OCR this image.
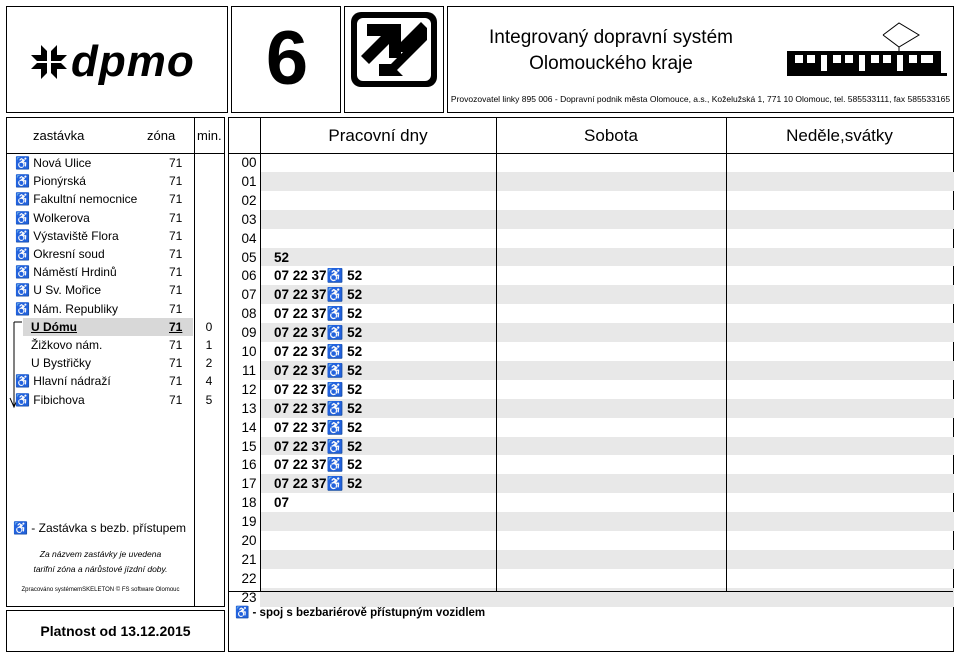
dpmo 6	Integrovaný dopravní systém
Olomouckého kraje
Provozovatel linky 895 006 - Dopravní podnik města Olomouce, a.s., Koželužská 1, 771 10 Olomouc, tel. 585533111, fax 585533165
zastávka	zóna min.
♿ Nová Ulice	71
♿ Pionýrská	71
♿ Fakultní nemocnice	71
♿ Wolkerova	71
♿ Výstaviště Flora	71
♿ Okresní soud	71
♿ Náměstí Hrdinů	71
♿ U Sv. Mořice	71
♿ Nám. Republiky	71
U Dómu	71 0
Žižkovo nám.	71 1
U Bystřičky	71 2
♿ Hlavní nádraží	71 4
♿ Fibichova	71 5
♿ - Zastávka s bezb. přístupem
Za názvem zastávky je uvedena
tarifní zóna a nárůstové jízdní doby.
Zpracováno systémemSKELETON © FS software Olomouc
Platnost od 13.12.2015
Pracovní dny	Sobota	Neděle,svátky
00
01
02
03
04
05	52
06	07 22 37♿ 52
07	07 22 37♿ 52
08	07 22 37♿ 52
09	07 22 37♿ 52
10	07 22 37♿ 52
11	07 22 37♿ 52
12	07 22 37♿ 52
13	07 22 37♿ 52
14	07 22 37♿ 52
15	07 22 37♿ 52
16	07 22 37♿ 52
17	07 22 37♿ 52
18	07
19
20
21
22
23
♿ - spoj s bezbariérově přístupným vozidlem
